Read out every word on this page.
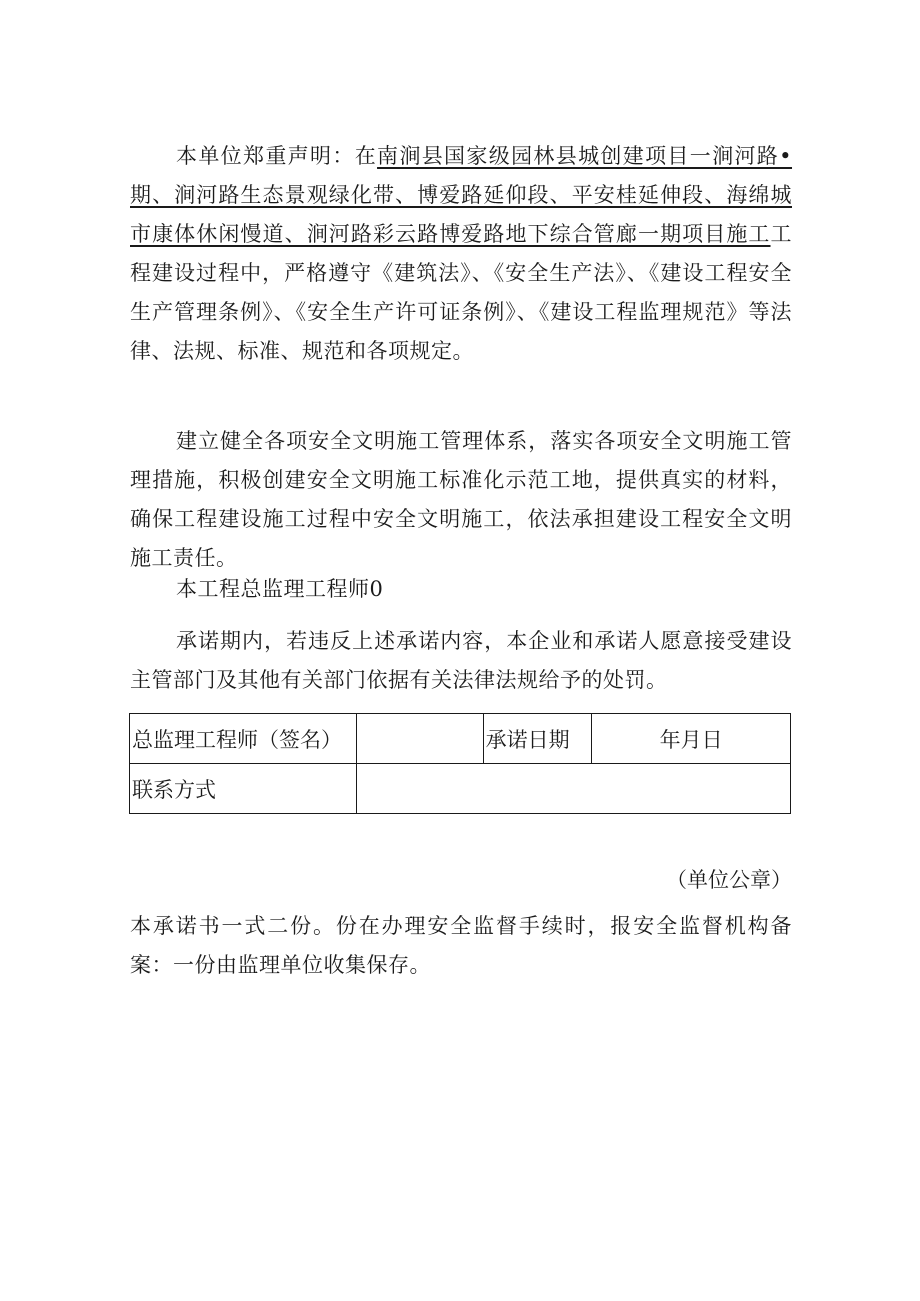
本单位郑重声明：在南涧县国家级园林县城创建项目一涧河路•期、涧河路生态景观绿化带、博爱路延仰段、平安桂延伸段、海绵城市康体休闲慢道、涧河路彩云路博爱路地下综合管廊一期项目施工工程建设过程中，严格遵守《建筑法》、《安全生产法》、《建设工程安全生产管理条例》、《安全生产许可证条例》、《建设工程监理规范》等法律、法规、标准、规范和各项规定。

建立健全各项安全文明施工管理体系，落实各项安全文明施工管理措施，积极创建安全文明施工标准化示范工地，提供真实的材料，确保工程建设施工过程中安全文明施工，依法承担建设工程安全文明施工责任。

本工程总监理工程师0

承诺期内，若违反上述承诺内容，本企业和承诺人愿意接受建设主管部门及其他有关部门依据有关法律法规给予的处罚。

总监理工程师（签名）		承诺日期	年月日
联系方式			
（单位公章）

本承诺书一式二份。份在办理安全监督手续时，报安全监督机构备案：一份由监理单位收集保存。
